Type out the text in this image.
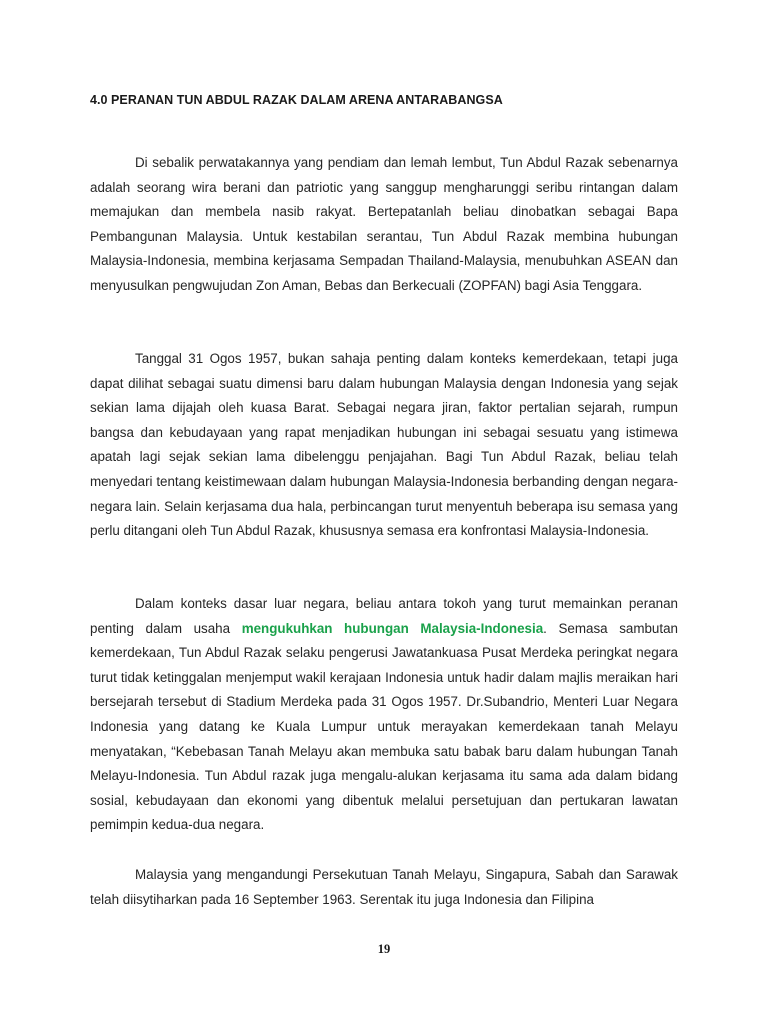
4.0 PERANAN TUN ABDUL RAZAK DALAM ARENA ANTARABANGSA

Di sebalik perwatakannya yang pendiam dan lemah lembut, Tun Abdul Razak sebenarnya adalah seorang wira berani dan patriotic yang sanggup mengharunggi seribu rintangan dalam memajukan dan membela nasib rakyat. Bertepatanlah beliau dinobatkan sebagai Bapa Pembangunan Malaysia. Untuk kestabilan serantau, Tun Abdul Razak membina hubungan Malaysia-Indonesia, membina kerjasama Sempadan Thailand-Malaysia, menubuhkan ASEAN dan menyusulkan pengwujudan Zon Aman, Bebas dan Berkecuali (ZOPFAN) bagi Asia Tenggara.

Tanggal 31 Ogos 1957, bukan sahaja penting dalam konteks kemerdekaan, tetapi juga dapat dilihat sebagai suatu dimensi baru dalam hubungan Malaysia dengan Indonesia yang sejak sekian lama dijajah oleh kuasa Barat. Sebagai negara jiran, faktor pertalian sejarah, rumpun bangsa dan kebudayaan yang rapat menjadikan hubungan ini sebagai sesuatu yang istimewa apatah lagi sejak sekian lama dibelenggu penjajahan. Bagi Tun Abdul Razak, beliau telah menyedari tentang keistimewaan dalam hubungan Malaysia-Indonesia berbanding dengan negara-negara lain. Selain kerjasama dua hala, perbincangan turut menyentuh beberapa isu semasa yang perlu ditangani oleh Tun Abdul Razak, khususnya semasa era konfrontasi Malaysia-Indonesia.

Dalam konteks dasar luar negara, beliau antara tokoh yang turut memainkan peranan penting dalam usaha mengukuhkan hubungan Malaysia-Indonesia. Semasa sambutan kemerdekaan, Tun Abdul Razak selaku pengerusi Jawatankuasa Pusat Merdeka peringkat negara turut tidak ketinggalan menjemput wakil kerajaan Indonesia untuk hadir dalam majlis meraikan hari bersejarah tersebut di Stadium Merdeka pada 31 Ogos 1957. Dr.Subandrio, Menteri Luar Negara Indonesia yang datang ke Kuala Lumpur untuk merayakan kemerdekaan tanah Melayu menyatakan, “Kebebasan Tanah Melayu akan membuka satu babak baru dalam hubungan Tanah Melayu-Indonesia. Tun Abdul razak juga mengalu-alukan kerjasama itu sama ada dalam bidang sosial, kebudayaan dan ekonomi yang dibentuk melalui persetujuan dan pertukaran lawatan pemimpin kedua-dua negara.

Malaysia yang mengandungi Persekutuan Tanah Melayu, Singapura, Sabah dan Sarawak telah diisytiharkan pada 16 September 1963. Serentak itu juga Indonesia dan Filipina

19
